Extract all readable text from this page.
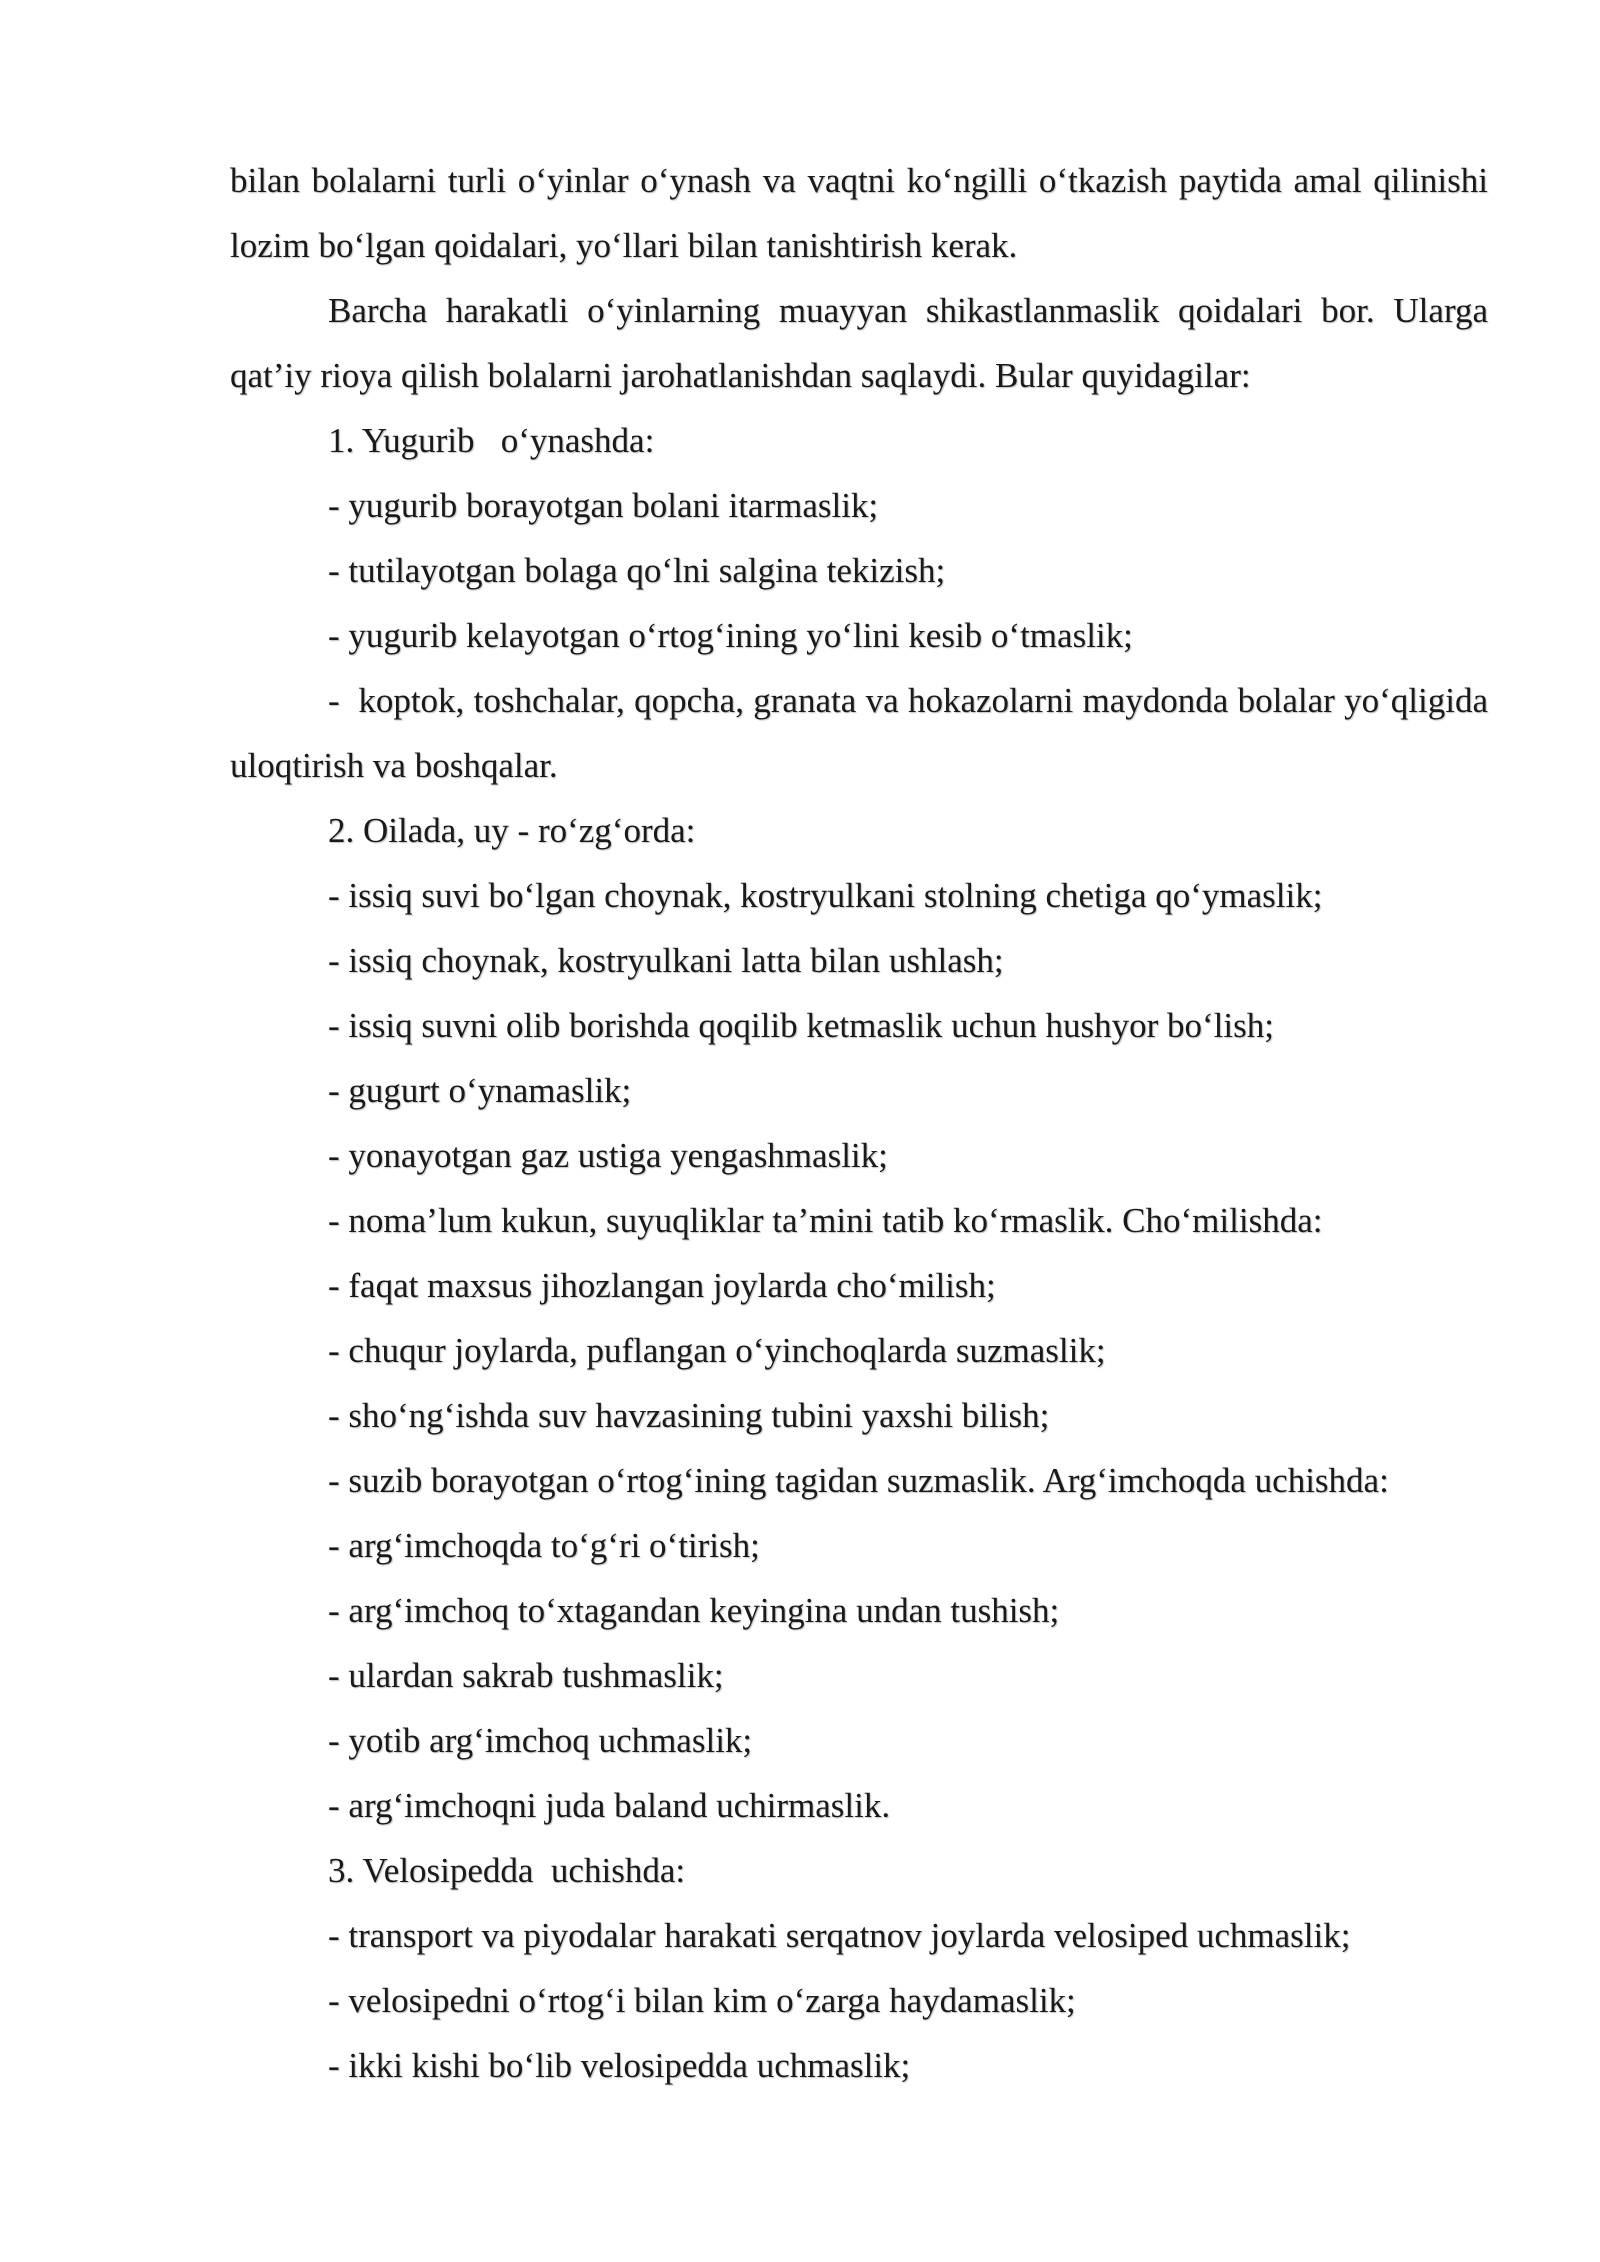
bilan bolalarni turli o‘yinlar o‘ynash va vaqtni ko‘ngilli o‘tkazish paytida amal qilinishi lozim bo‘lgan qoidalari, yo‘llari bilan tanishtirish kerak.

Barcha harakatli o‘yinlarning muayyan shikastlanmaslik qoidalari bor. Ularga qat’iy rioya qilish bolalarni jarohatlanishdan saqlaydi. Bular quyidagilar:

1. Yugurib   o‘ynashda:

- yugurib borayotgan bolani itarmaslik;

- tutilayotgan bolaga qo‘lni salgina tekizish;

- yugurib kelayotgan o‘rtog‘ining yo‘lini kesib o‘tmaslik;

-  koptok, toshchalar, qopcha, granata va hokazolarni maydonda bolalar yo‘qligida uloqtirish va boshqalar.

2. Oilada, uy - ro‘zg‘orda:

- issiq suvi bo‘lgan choynak, kostryulkani stolning chetiga qo‘ymaslik;

- issiq choynak, kostryulkani latta bilan ushlash;

- issiq suvni olib borishda qoqilib ketmaslik uchun hushyor bo‘lish;

- gugurt o‘ynamaslik;

- yonayotgan gaz ustiga yengashmaslik;

- noma’lum kukun, suyuqliklar ta’mini tatib ko‘rmaslik. Cho‘milishda:

- faqat maxsus jihozlangan joylarda cho‘milish;

- chuqur joylarda, puflangan o‘yinchoqlarda suzmaslik;

- sho‘ng‘ishda suv havzasining tubini yaxshi bilish;

- suzib borayotgan o‘rtog‘ining tagidan suzmaslik. Arg‘imchoqda uchishda:

- arg‘imchoqda to‘g‘ri o‘tirish;

- arg‘imchoq to‘xtagandan keyingina undan tushish;

- ulardan sakrab tushmaslik;

- yotib arg‘imchoq uchmaslik;

- arg‘imchoqni juda baland uchirmaslik.

3. Velosipedda  uchishda:

- transport va piyodalar harakati serqatnov joylarda velosiped uchmaslik;

- velosipedni o‘rtog‘i bilan kim o‘zarga haydamaslik;

- ikki kishi bo‘lib velosipedda uchmaslik;
